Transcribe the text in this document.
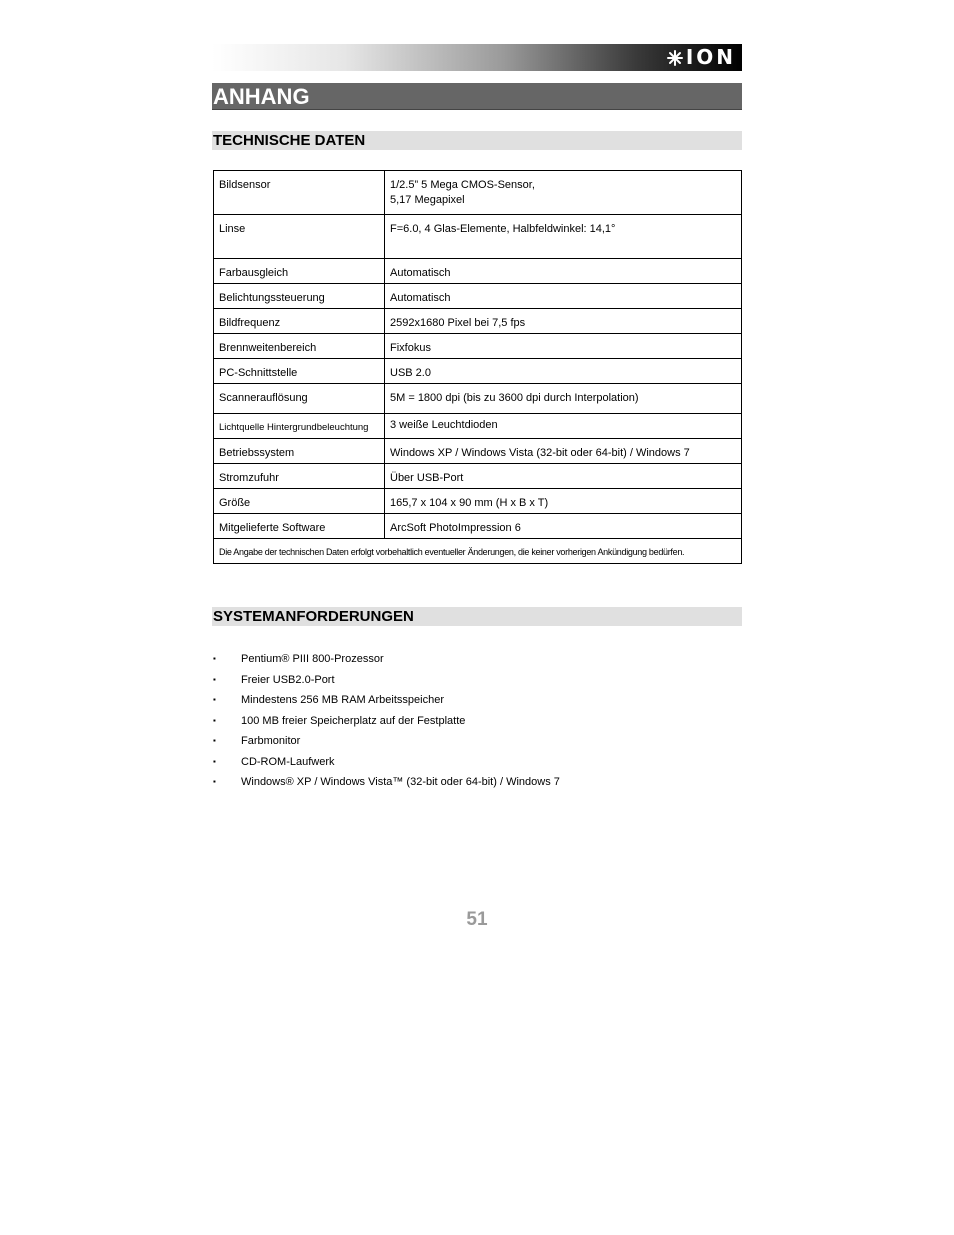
ION
ANHANG
TECHNISCHE DATEN
Bildsensor	1/2.5” 5 Mega CMOS-Sensor,
5,17 Megapixel

Linse	F=6.0, 4 Glas-Elemente, Halbfeldwinkel: 14,1°
Farbausgleich	Automatisch
Belichtungssteuerung	Automatisch
Bildfrequenz	2592x1680 Pixel bei 7,5 fps
Brennweitenbereich	Fixfokus
PC-Schnittstelle	USB 2.0
Scannerauflösung	5M = 1800 dpi (bis zu 3600 dpi durch Interpolation)
Lichtquelle Hintergrundbeleuchtung	3 weiße Leuchtdioden
Betriebssystem	Windows XP / Windows Vista (32-bit oder 64-bit) / Windows 7
Stromzufuhr	Über USB-Port
Größe	165,7 x 104 x 90 mm (H x B x T)
Mitgelieferte Software	ArcSoft PhotoImpression 6
Die Angabe der technischen Daten erfolgt vorbehaltlich eventueller Änderungen, die keiner vorherigen Ankündigung bedürfen.	
SYSTEMANFORDERUNGEN
▪	Pentium® PIII 800-Prozessor
▪	Freier USB2.0-Port
▪	Mindestens 256 MB RAM Arbeitsspeicher
▪	100 MB freier Speicherplatz auf der Festplatte
▪	Farbmonitor
▪	CD-ROM-Laufwerk
▪	Windows® XP / Windows Vista™ (32-bit oder 64-bit) / Windows 7
51
